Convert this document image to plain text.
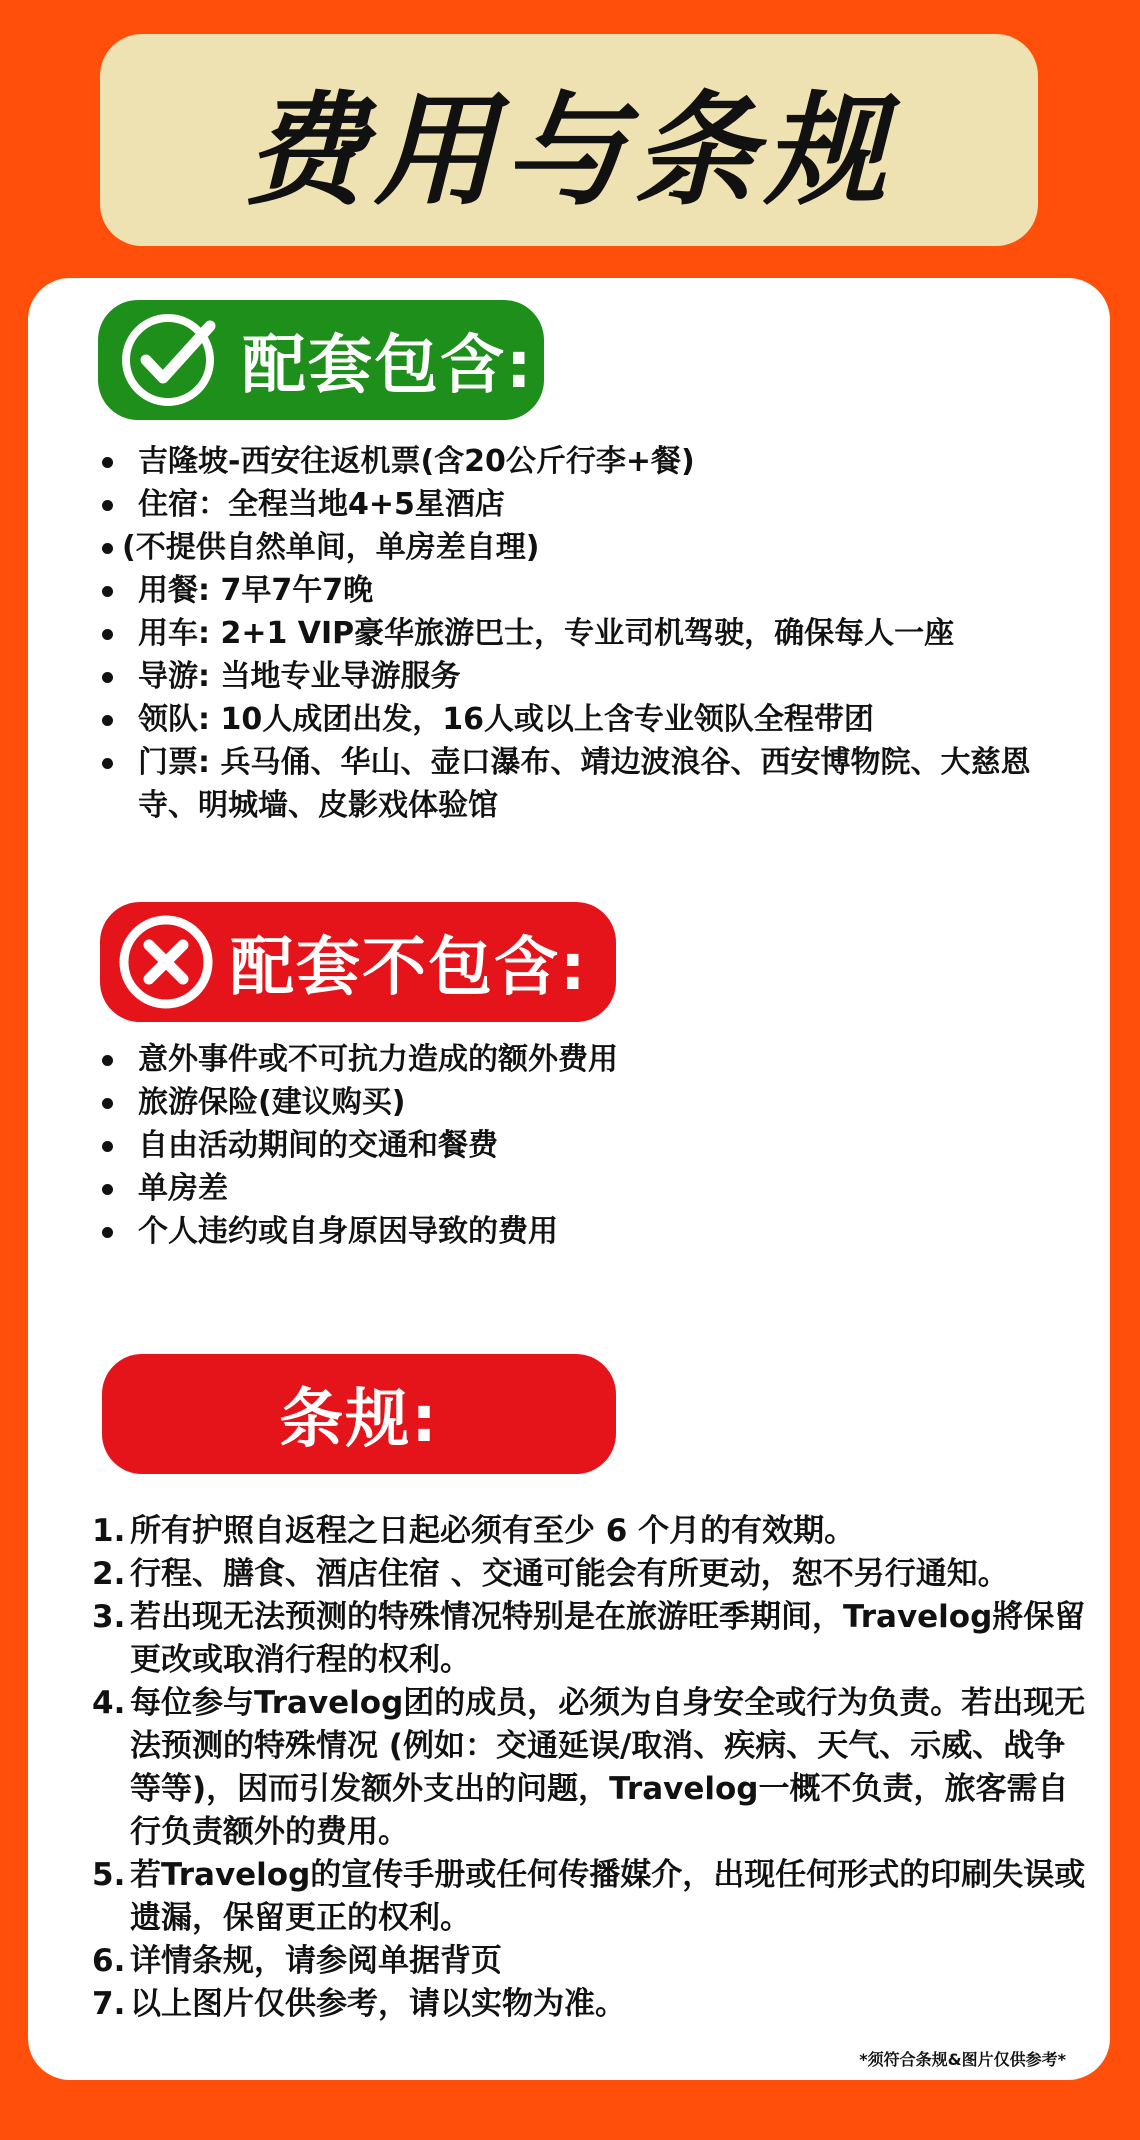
费用与条规
配套包含:
吉隆坡-西安往返机票(含20公斤行李+餐)
住宿：全程当地4+5星酒店
(不提供自然单间，单房差自理)
用餐: 7早7午7晚
用车: 2+1 VIP豪华旅游巴士，专业司机驾驶，确保每人一座
导游: 当地专业导游服务
领队: 10人成团出发，16人或以上含专业领队全程带团
门票: 兵马俑、华山、壶口瀑布、靖边波浪谷、西安博物院、大慈恩寺、明城墙、皮影戏体验馆
配套不包含:
意外事件或不可抗力造成的额外费用
旅游保险(建议购买)
自由活动期间的交通和餐费
单房差
个人违约或自身原因导致的费用
条规:
1. 所有护照自返程之日起必须有至少 6 个月的有效期。
2. 行程、膳食、酒店住宿 、交通可能会有所更动，恕不另行通知。
3. 若出现无法预测的特殊情况特别是在旅游旺季期间，Travelog將保留更改或取消行程的权利。
4. 每位参与Travelog团的成员，必须为自身安全或行为负责。若出现无法预测的特殊情况 (例如：交通延误/取消、疾病、天气、示威、战争等等)，因而引发额外支出的问题，Travelog一概不负责，旅客需自行负责额外的费用。
5. 若Travelog的宣传手册或任何传播媒介，出现任何形式的印刷失误或遗漏，保留更正的权利。
6. 详情条规，请参阅单据背页
7. 以上图片仅供参考，请以实物为准。
*须符合条规&图片仅供参考*
